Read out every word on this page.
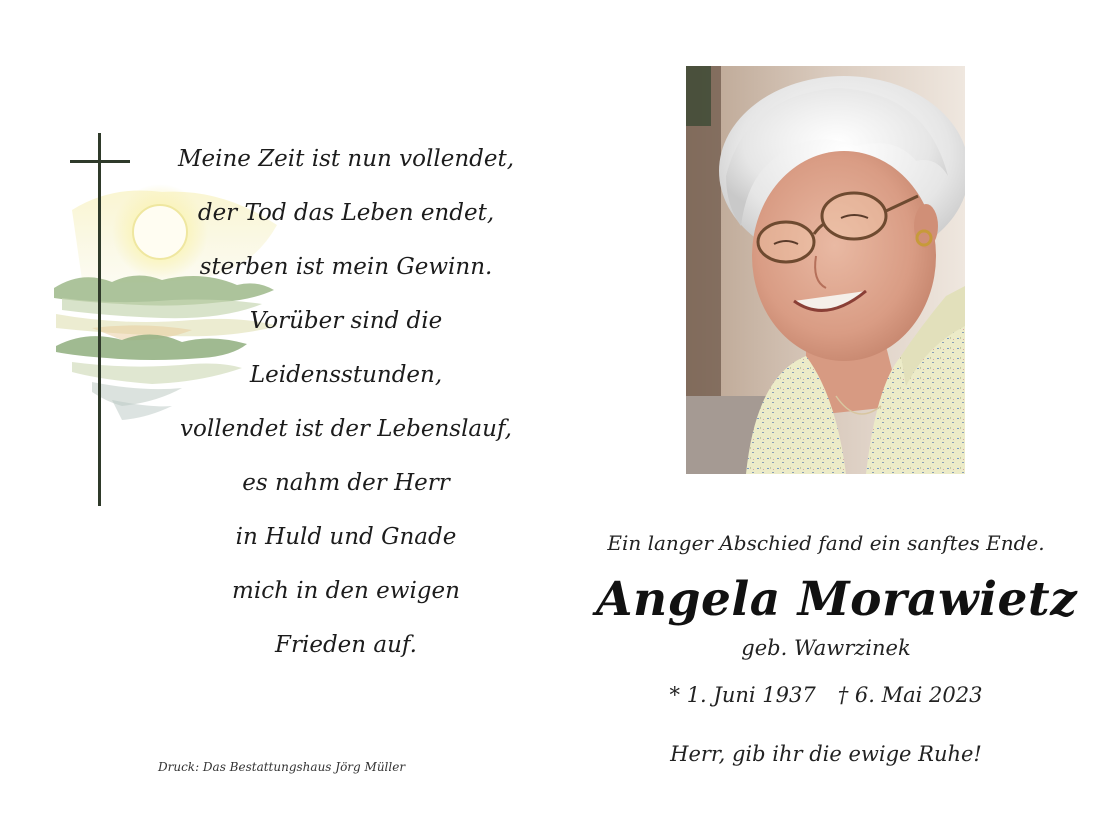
Meine Zeit ist nun vollendet,
der Tod das Leben endet,
sterben ist mein Gewinn.
Vorüber sind die
Leidensstunden,
vollendet ist der Lebenslauf,
es nahm der Herr
in Huld und Gnade
mich in den ewigen
Frieden auf.
Druck: Das Bestattungshaus Jörg Müller
Ein langer Abschied fand ein sanftes Ende.
Angela Morawietz
geb. Wawrzinek
* 1. Juni 1937 † 6. Mai 2023
Herr, gib ihr die ewige Ruhe!
